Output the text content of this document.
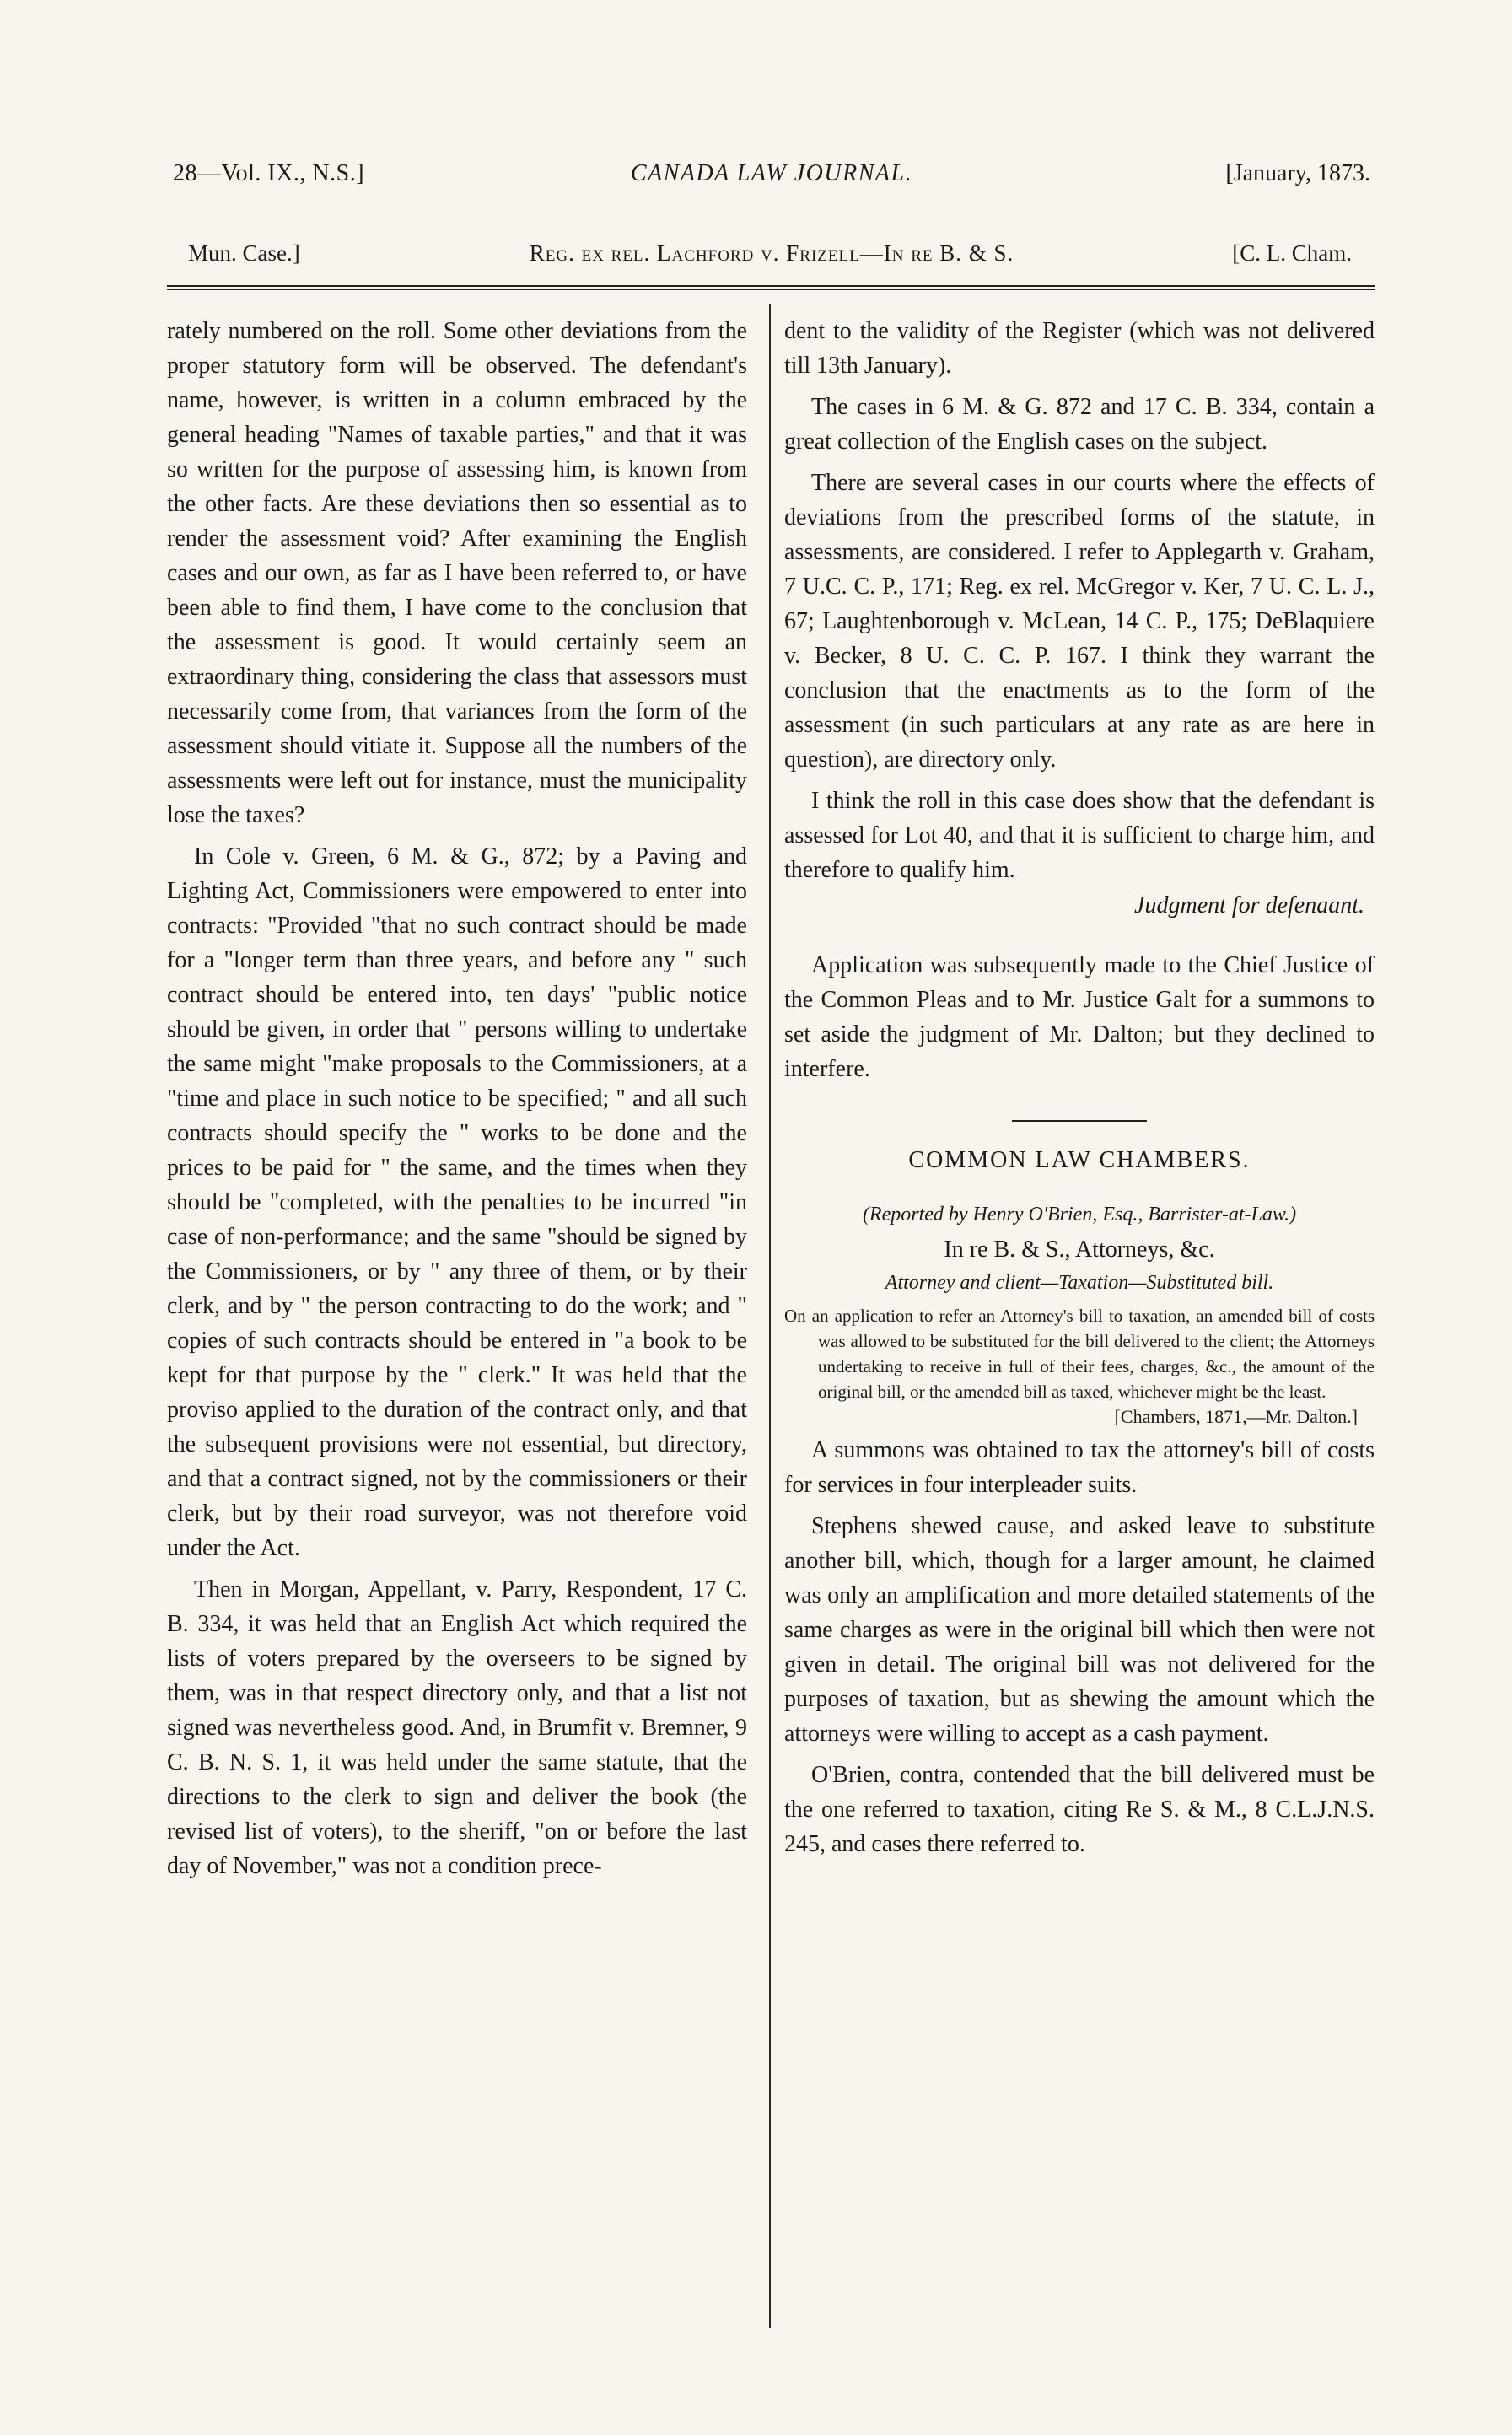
28—Vol. IX., N.S.]	CANADA LAW JOURNAL.	[January, 1873.
Mun. Case.]	Reg. ex rel. Lachford v. Frizell—In re B. & S.	[C. L. Cham.

rately numbered on the roll. Some other deviations from the proper statutory form will be observed. The defendant's name, however, is written in a column embraced by the general heading "Names of taxable parties," and that it was so written for the purpose of assessing him, is known from the other facts. Are these deviations then so essential as to render the assessment void? After examining the English cases and our own, as far as I have been referred to, or have been able to find them, I have come to the conclusion that the assessment is good. It would certainly seem an extraordinary thing, considering the class that assessors must necessarily come from, that variances from the form of the assessment should vitiate it. Suppose all the numbers of the assessments were left out for instance, must the municipality lose the taxes?

In Cole v. Green, 6 M. & G., 872; by a Paving and Lighting Act, Commissioners were empowered to enter into contracts: "Provided "that no such contract should be made for a "longer term than three years, and before any " such contract should be entered into, ten days' "public notice should be given, in order that " persons willing to undertake the same might "make proposals to the Commissioners, at a "time and place in such notice to be specified; " and all such contracts should specify the " works to be done and the prices to be paid for " the same, and the times when they should be "completed, with the penalties to be incurred "in case of non-performance; and the same "should be signed by the Commissioners, or by " any three of them, or by their clerk, and by " the person contracting to do the work; and " copies of such contracts should be entered in "a book to be kept for that purpose by the " clerk." It was held that the proviso applied to the duration of the contract only, and that the subsequent provisions were not essential, but directory, and that a contract signed, not by the commissioners or their clerk, but by their road surveyor, was not therefore void under the Act.

Then in Morgan, Appellant, v. Parry, Respondent, 17 C. B. 334, it was held that an English Act which required the lists of voters prepared by the overseers to be signed by them, was in that respect directory only, and that a list not signed was nevertheless good. And, in Brumfit v. Bremner, 9 C. B. N. S. 1, it was held under the same statute, that the directions to the clerk to sign and deliver the book (the revised list of voters), to the sheriff, "on or before the last day of November," was not a condition prece-

dent to the validity of the Register (which was not delivered till 13th January).

The cases in 6 M. & G. 872 and 17 C. B. 334, contain a great collection of the English cases on the subject.

There are several cases in our courts where the effects of deviations from the prescribed forms of the statute, in assessments, are considered. I refer to Applegarth v. Graham, 7 U.C. C. P., 171; Reg. ex rel. McGregor v. Ker, 7 U. C. L. J., 67; Laughtenborough v. McLean, 14 C. P., 175; DeBlaquiere v. Becker, 8 U. C. C. P. 167. I think they warrant the conclusion that the enactments as to the form of the assessment (in such particulars at any rate as are here in question), are directory only.

I think the roll in this case does show that the defendant is assessed for Lot 40, and that it is sufficient to charge him, and therefore to qualify him.

Judgment for defenaant.

Application was subsequently made to the Chief Justice of the Common Pleas and to Mr. Justice Galt for a summons to set aside the judgment of Mr. Dalton; but they declined to interfere.

COMMON LAW CHAMBERS.

(Reported by Henry O'Brien, Esq., Barrister-at-Law.)

In re B. & S., Attorneys, &c.

Attorney and client—Taxation—Substituted bill.

On an application to refer an Attorney's bill to taxation, an amended bill of costs was allowed to be substituted for the bill delivered to the client; the Attorneys undertaking to receive in full of their fees, charges, &c., the amount of the original bill, or the amended bill as taxed, whichever might be the least.

[Chambers, 1871,—Mr. Dalton.]

A summons was obtained to tax the attorney's bill of costs for services in four interpleader suits.

Stephens shewed cause, and asked leave to substitute another bill, which, though for a larger amount, he claimed was only an amplification and more detailed statements of the same charges as were in the original bill which then were not given in detail. The original bill was not delivered for the purposes of taxation, but as shewing the amount which the attorneys were willing to accept as a cash payment.

O'Brien, contra, contended that the bill delivered must be the one referred to taxation, citing Re S. & M., 8 C.L.J.N.S. 245, and cases there referred to.
